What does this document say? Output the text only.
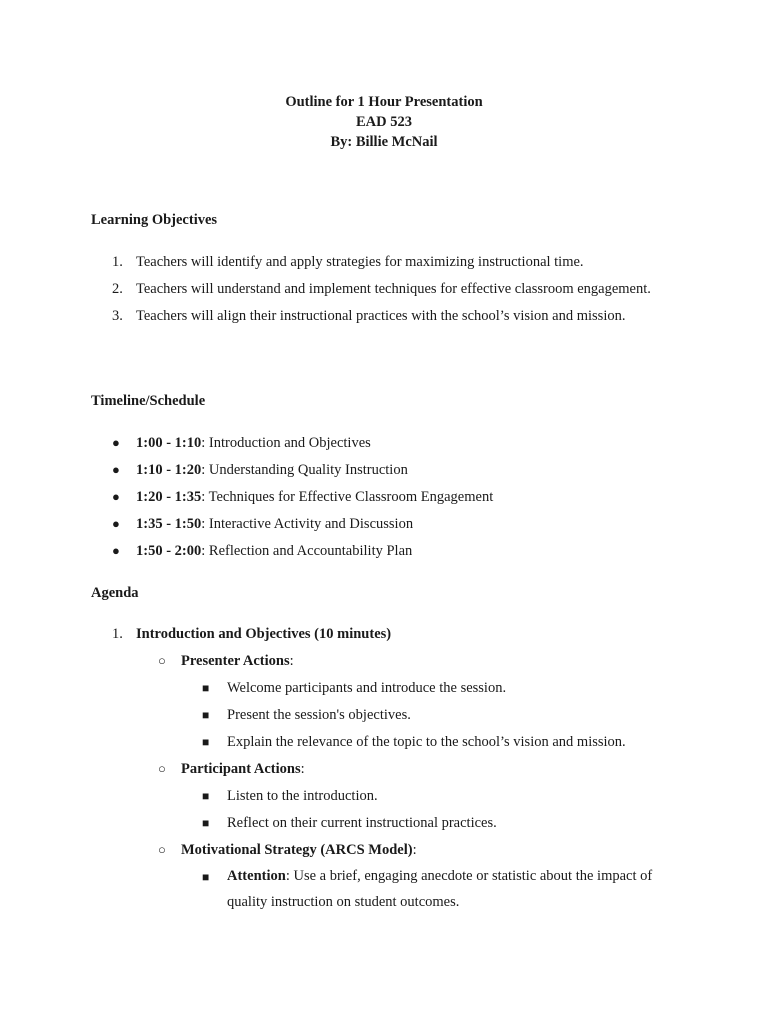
Outline for 1 Hour Presentation
EAD 523
By: Billie McNail
Learning Objectives
1. Teachers will identify and apply strategies for maximizing instructional time.
2. Teachers will understand and implement techniques for effective classroom engagement.
3. Teachers will align their instructional practices with the school’s vision and mission.
Timeline/Schedule
● 1:00 - 1:10: Introduction and Objectives
● 1:10 - 1:20: Understanding Quality Instruction
● 1:20 - 1:35: Techniques for Effective Classroom Engagement
● 1:35 - 1:50: Interactive Activity and Discussion
● 1:50 - 2:00: Reflection and Accountability Plan
Agenda
1. Introduction and Objectives (10 minutes)
○ Presenter Actions:
■ Welcome participants and introduce the session.
■ Present the session's objectives.
■ Explain the relevance of the topic to the school’s vision and mission.
○ Participant Actions:
■ Listen to the introduction.
■ Reflect on their current instructional practices.
○ Motivational Strategy (ARCS Model):
■ Attention: Use a brief, engaging anecdote or statistic about the impact of quality instruction on student outcomes.
